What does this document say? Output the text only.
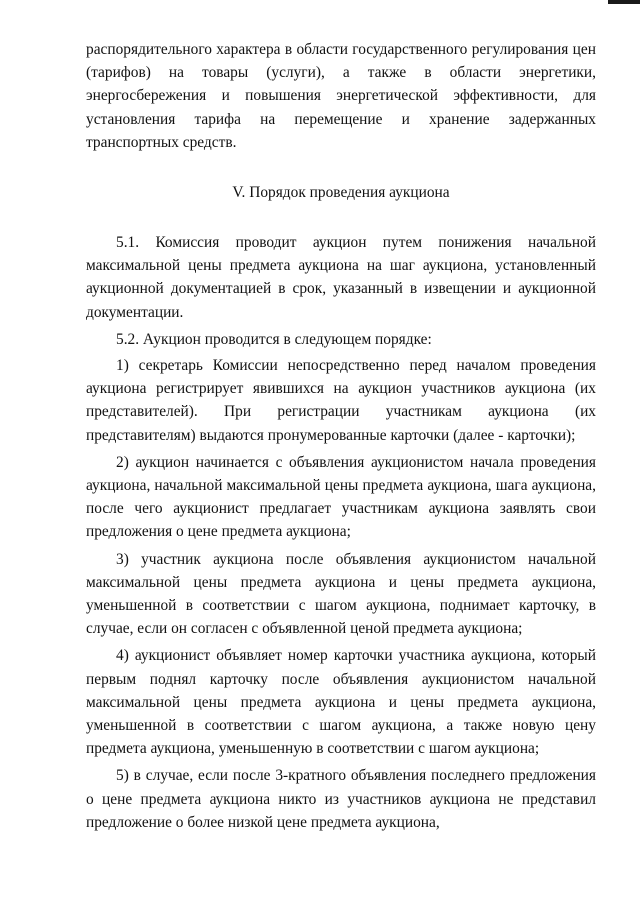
распорядительного характера в области государственного регулирования цен (тарифов) на товары (услуги), а также в области энергетики, энергосбережения и повышения энергетической эффективности, для установления тарифа на перемещение и хранение задержанных транспортных средств.

V. Порядок проведения аукциона

5.1. Комиссия проводит аукцион путем понижения начальной максимальной цены предмета аукциона на шаг аукциона, установленный аукционной документацией в срок, указанный в извещении и аукционной документации.

5.2. Аукцион проводится в следующем порядке:

1) секретарь Комиссии непосредственно перед началом проведения аукциона регистрирует явившихся на аукцион участников аукциона (их представителей). При регистрации участникам аукциона (их представителям) выдаются пронумерованные карточки (далее - карточки);

2) аукцион начинается с объявления аукционистом начала проведения аукциона, начальной максимальной цены предмета аукциона, шага аукциона, после чего аукционист предлагает участникам аукциона заявлять свои предложения о цене предмета аукциона;

3) участник аукциона после объявления аукционистом начальной максимальной цены предмета аукциона и цены предмета аукциона, уменьшенной в соответствии с шагом аукциона, поднимает карточку, в случае, если он согласен с объявленной ценой предмета аукциона;

4) аукционист объявляет номер карточки участника аукциона, который первым поднял карточку после объявления аукционистом начальной максимальной цены предмета аукциона и цены предмета аукциона, уменьшенной в соответствии с шагом аукциона, а также новую цену предмета аукциона, уменьшенную в соответствии с шагом аукциона;

5) в случае, если после 3-кратного объявления последнего предложения о цене предмета аукциона никто из участников аукциона не представил предложение о более низкой цене предмета аукциона,
